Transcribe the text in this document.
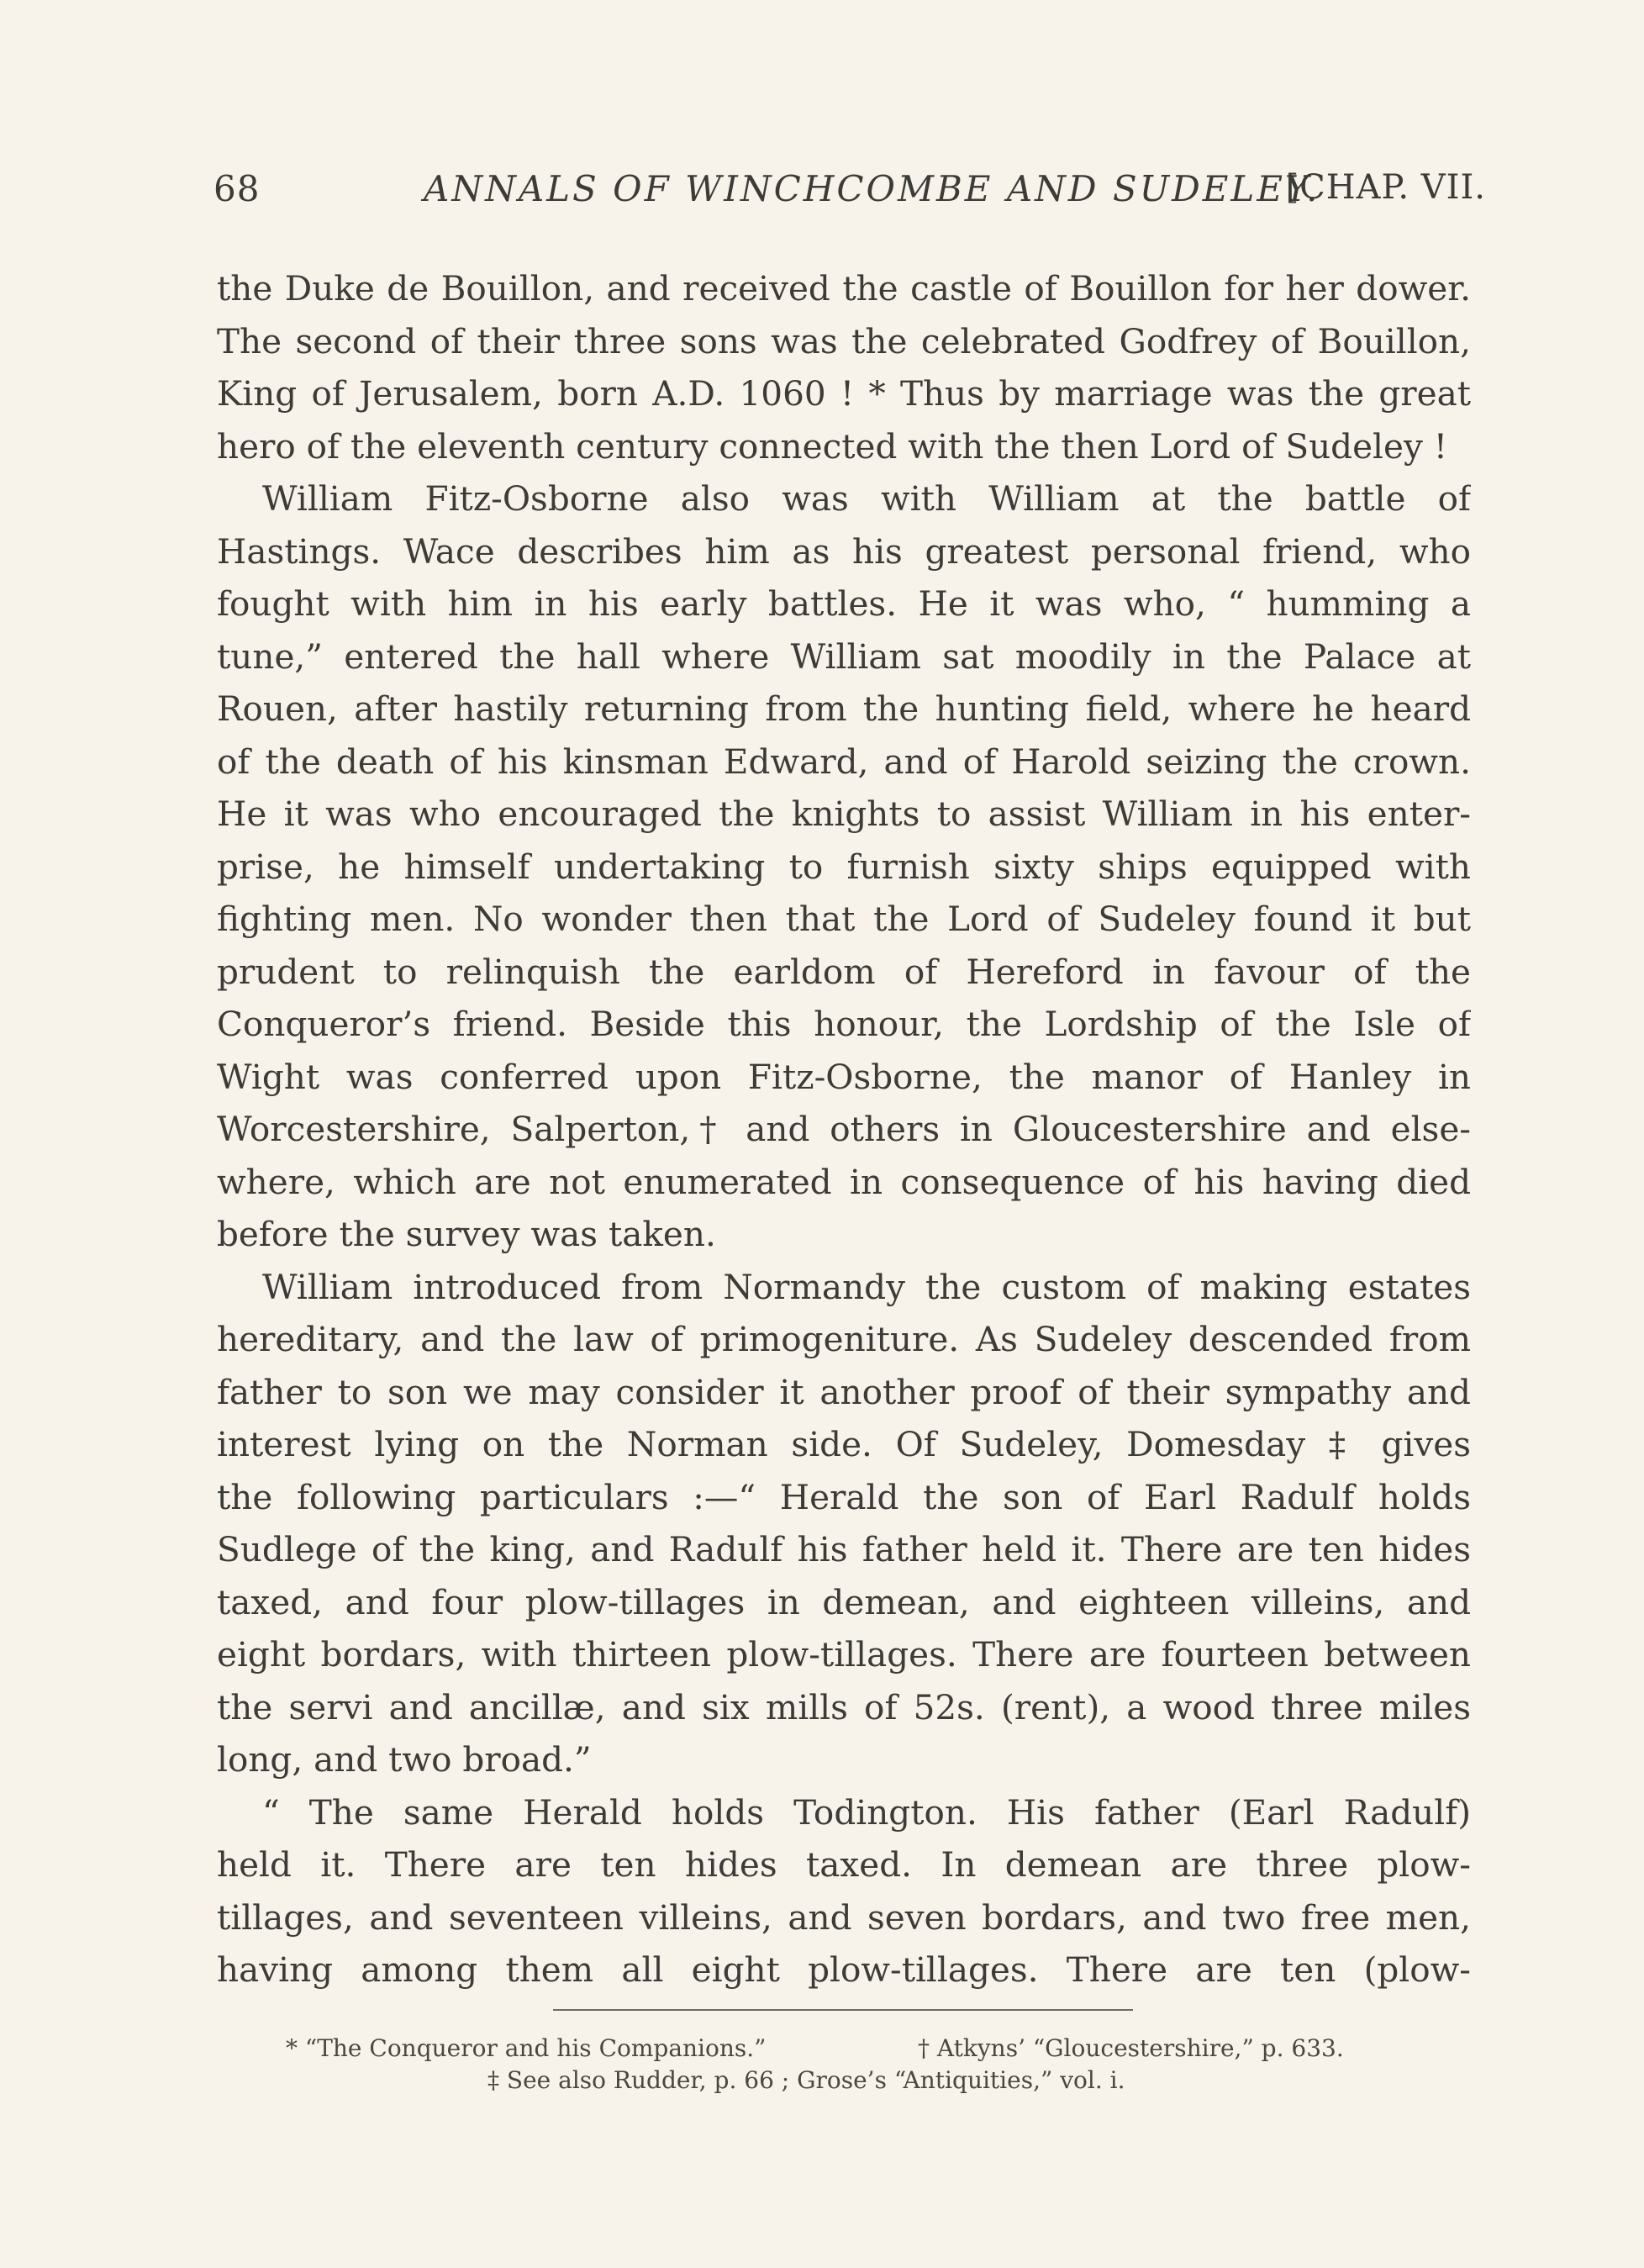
68	ANNALS OF WINCHCOMBE AND SUDELEY.
[CHAP. VII.
the Duke de Bouillon, and received the castle of Bouillon for her dower.
The second of their three sons was the celebrated Godfrey of Bouillon,
King of Jerusalem, born A.D. 1060 ! * Thus by marriage was the great
hero of the eleventh century connected with the then Lord of Sudeley !
William Fitz-Osborne also was with William at the battle of
Hastings. Wace describes him as his greatest personal friend, who
fought with him in his early battles. He it was who, “ humming a
tune,” entered the hall where William sat moodily in the Palace at
Rouen, after hastily returning from the hunting field, where he heard
of the death of his kinsman Edward, and of Harold seizing the crown.
He it was who encouraged the knights to assist William in his enter-
prise, he himself undertaking to furnish sixty ships equipped with
fighting men. No wonder then that the Lord of Sudeley found it but
prudent to relinquish the earldom of Hereford in favour of the
Conqueror’s friend. Beside this honour, the Lordship of the Isle of
Wight was conferred upon Fitz-Osborne, the manor of Hanley in
Worcestershire, Salperton,† and others in Gloucestershire and else-
where, which are not enumerated in consequence of his having died
before the survey was taken.
William introduced from Normandy the custom of making estates
hereditary, and the law of primogeniture. As Sudeley descended from
father to son we may consider it another proof of their sympathy and
interest lying on the Norman side. Of Sudeley, Domesday ‡ gives
the following particulars :—“ Herald the son of Earl Radulf holds
Sudlege of the king, and Radulf his father held it. There are ten hides
taxed, and four plow-tillages in demean, and eighteen villeins, and
eight bordars, with thirteen plow-tillages. There are fourteen between
the servi and ancillæ, and six mills of 52s. (rent), a wood three miles
long, and two broad.”
“ The same Herald holds Todington. His father (Earl Radulf)
held it. There are ten hides taxed. In demean are three plow-
tillages, and seventeen villeins, and seven bordars, and two free men,
having among them all eight plow-tillages. There are ten (plow-
* “The Conqueror and his Companions.”	† Atkyns’ “Gloucestershire,” p. 633.
‡ See also Rudder, p. 66 ; Grose’s “Antiquities,” vol. i.
